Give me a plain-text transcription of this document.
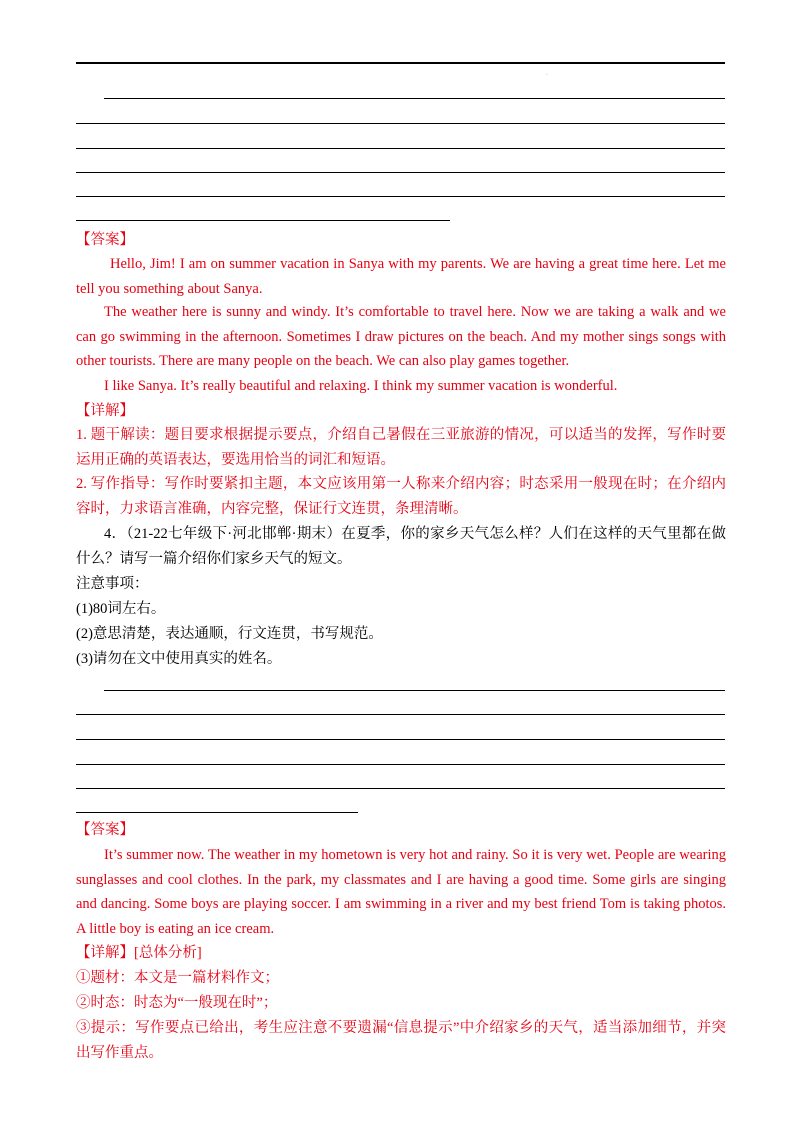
·
【答案】
Hello, Jim! I am on summer vacation in Sanya with my parents. We are having a great time here. Let me tell you something about Sanya.
The weather here is sunny and windy. It’s comfortable to travel here. Now we are taking a walk and we can go swimming in the afternoon. Sometimes I draw pictures on the beach. And my mother sings songs with other tourists. There are many people on the beach. We can also play games together.
I like Sanya. It’s really beautiful and relaxing. I think my summer vacation is wonderful.
【详解】
1. 题干解读：题目要求根据提示要点，介绍自己暑假在三亚旅游的情况，可以适当的发挥，写作时要运用正确的英语表达，要选用恰当的词汇和短语。
2. 写作指导：写作时要紧扣主题，本文应该用第一人称来介绍内容；时态采用一般现在时；在介绍内容时，力求语言准确，内容完整，保证行文连贯，条理清晰。
4．（21-22七年级下·河北邯郸·期末）在夏季，你的家乡天气怎么样？人们在这样的天气里都在做什么？请写一篇介绍你们家乡天气的短文。
注意事项：
(1)80词左右。
(2)意思清楚，表达通顺，行文连贯，书写规范。
(3)请勿在文中使用真实的姓名。
【答案】
It’s summer now. The weather in my hometown is very hot and rainy. So it is very wet. People are wearing sunglasses and cool clothes. In the park, my classmates and I are having a good time. Some girls are singing and dancing. Some boys are playing soccer. I am swimming in a river and my best friend Tom is taking photos. A little boy is eating an ice cream.
【详解】[总体分析]
①题材：本文是一篇材料作文；
②时态：时态为“一般现在时”；
③提示：写作要点已给出，考生应注意不要遗漏“信息提示”中介绍家乡的天气，适当添加细节，并突出写作重点。
